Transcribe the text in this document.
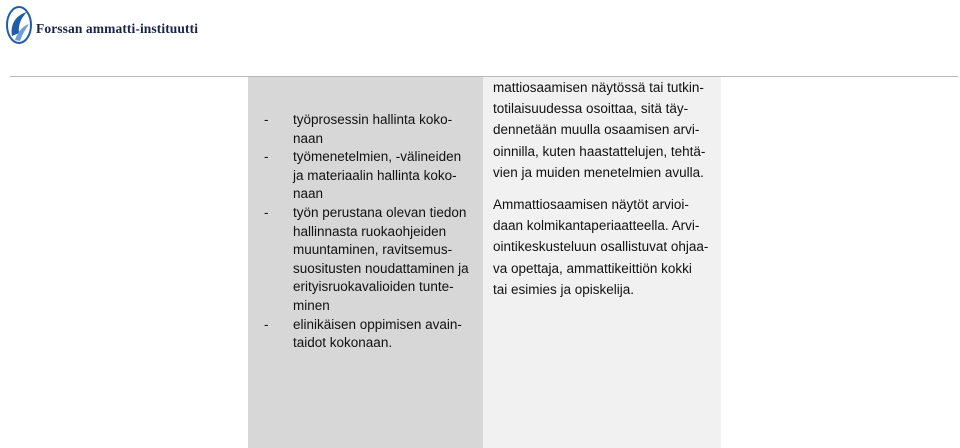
Forssan ammatti-instituutti
- työprosessin hallinta koko-
naan
- työmenetelmien, -välineiden
ja materiaalin hallinta koko-
naan
- työn perustana olevan tiedon
hallinnasta ruokaohjeiden
muuntaminen, ravitsemus-
suositusten noudattaminen ja
erityisruokavalioiden tunte-
minen
- elinikäisen oppimisen avain-
taidot kokonaan.
mattiosaamisen näytössä tai tutkin-
totilaisuudessa osoittaa, sitä täy-
dennetään muulla osaamisen arvi-
oinnilla, kuten haastattelujen, tehtä-
vien ja muiden menetelmien avulla.
Ammattiosaamisen näytöt arvioi-
daan kolmikantaperiaatteella. Arvi-
ointikeskusteluun osallistuvat ohjaa-
va opettaja, ammattikeittiön kokki
tai esimies ja opiskelija.
